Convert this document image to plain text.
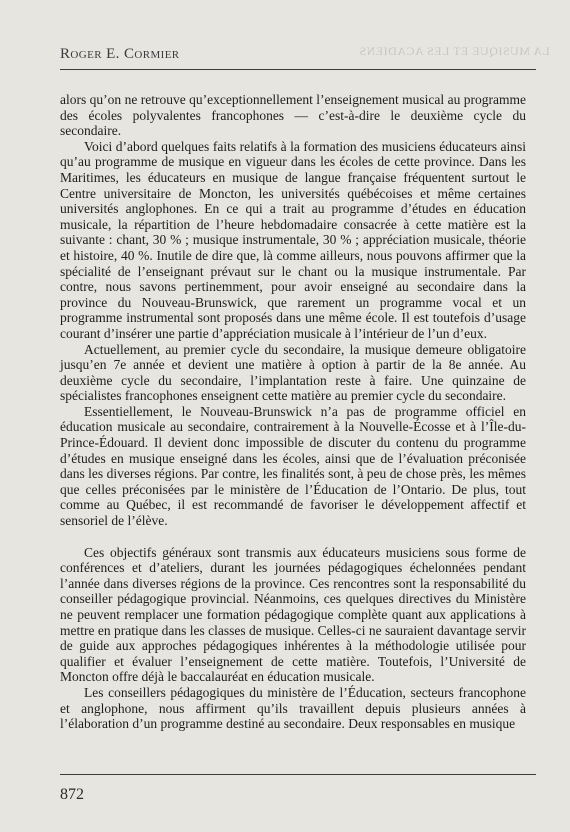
LA MUSIQUE ET LES ACADIENS
Roger E. Cormier

alors qu’on ne retrouve qu’exceptionnellement l’enseignement musical au programme des écoles polyvalentes francophones — c’est-à-dire le deuxième cycle du secondaire.

Voici d’abord quelques faits relatifs à la formation des musiciens éducateurs ainsi qu’au programme de musique en vigueur dans les écoles de cette province. Dans les Maritimes, les éducateurs en musique de langue française fréquentent surtout le Centre universitaire de Moncton, les universités québécoises et même certaines universités anglophones. En ce qui a trait au programme d’études en éducation musicale, la répartition de l’heure hebdomadaire consacrée à cette matière est la suivante : chant, 30 % ; musique instrumentale, 30 % ; appréciation musicale, théorie et histoire, 40 %. Inutile de dire que, là comme ailleurs, nous pouvons affirmer que la spécialité de l’enseignant prévaut sur le chant ou la musique instrumentale. Par contre, nous savons pertinemment, pour avoir enseigné au secondaire dans la province du Nouveau-Brunswick, que rarement un programme vocal et un programme instrumental sont proposés dans une même école. Il est toutefois d’usage courant d’insérer une partie d’appréciation musicale à l’intérieur de l’un d’eux.

Actuellement, au premier cycle du secondaire, la musique demeure obligatoire jusqu’en 7e année et devient une matière à option à partir de la 8e année. Au deuxième cycle du secondaire, l’implantation reste à faire. Une quinzaine de spécialistes francophones enseignent cette matière au premier cycle du secondaire.

Essentiellement, le Nouveau-Brunswick n’a pas de programme officiel en éducation musicale au secondaire, contrairement à la Nouvelle-Écosse et à l’Île-du-Prince-Édouard. Il devient donc impossible de discuter du contenu du programme d’études en musique enseigné dans les écoles, ainsi que de l’évaluation préconisée dans les diverses régions. Par contre, les finalités sont, à peu de chose près, les mêmes que celles préconisées par le ministère de l’Éducation de l’Ontario. De plus, tout comme au Québec, il est recommandé de favoriser le développement affectif et sensoriel de l’élève.

Ces objectifs généraux sont transmis aux éducateurs musiciens sous forme de conférences et d’ateliers, durant les journées pédagogiques échelonnées pendant l’année dans diverses régions de la province. Ces rencontres sont la responsabilité du conseiller pédagogique provincial. Néanmoins, ces quelques directives du Ministère ne peuvent remplacer une formation pédagogique complète quant aux applications à mettre en pratique dans les classes de musique. Celles-ci ne sauraient davantage servir de guide aux approches pédagogiques inhérentes à la méthodologie utilisée pour qualifier et évaluer l’enseignement de cette matière. Toutefois, l’Université de Moncton offre déjà le baccalauréat en éducation musicale.

Les conseillers pédagogiques du ministère de l’Éducation, secteurs francophone et anglophone, nous affirment qu’ils travaillent depuis plusieurs années à l’élaboration d’un programme destiné au secondaire. Deux responsables en musique

872
